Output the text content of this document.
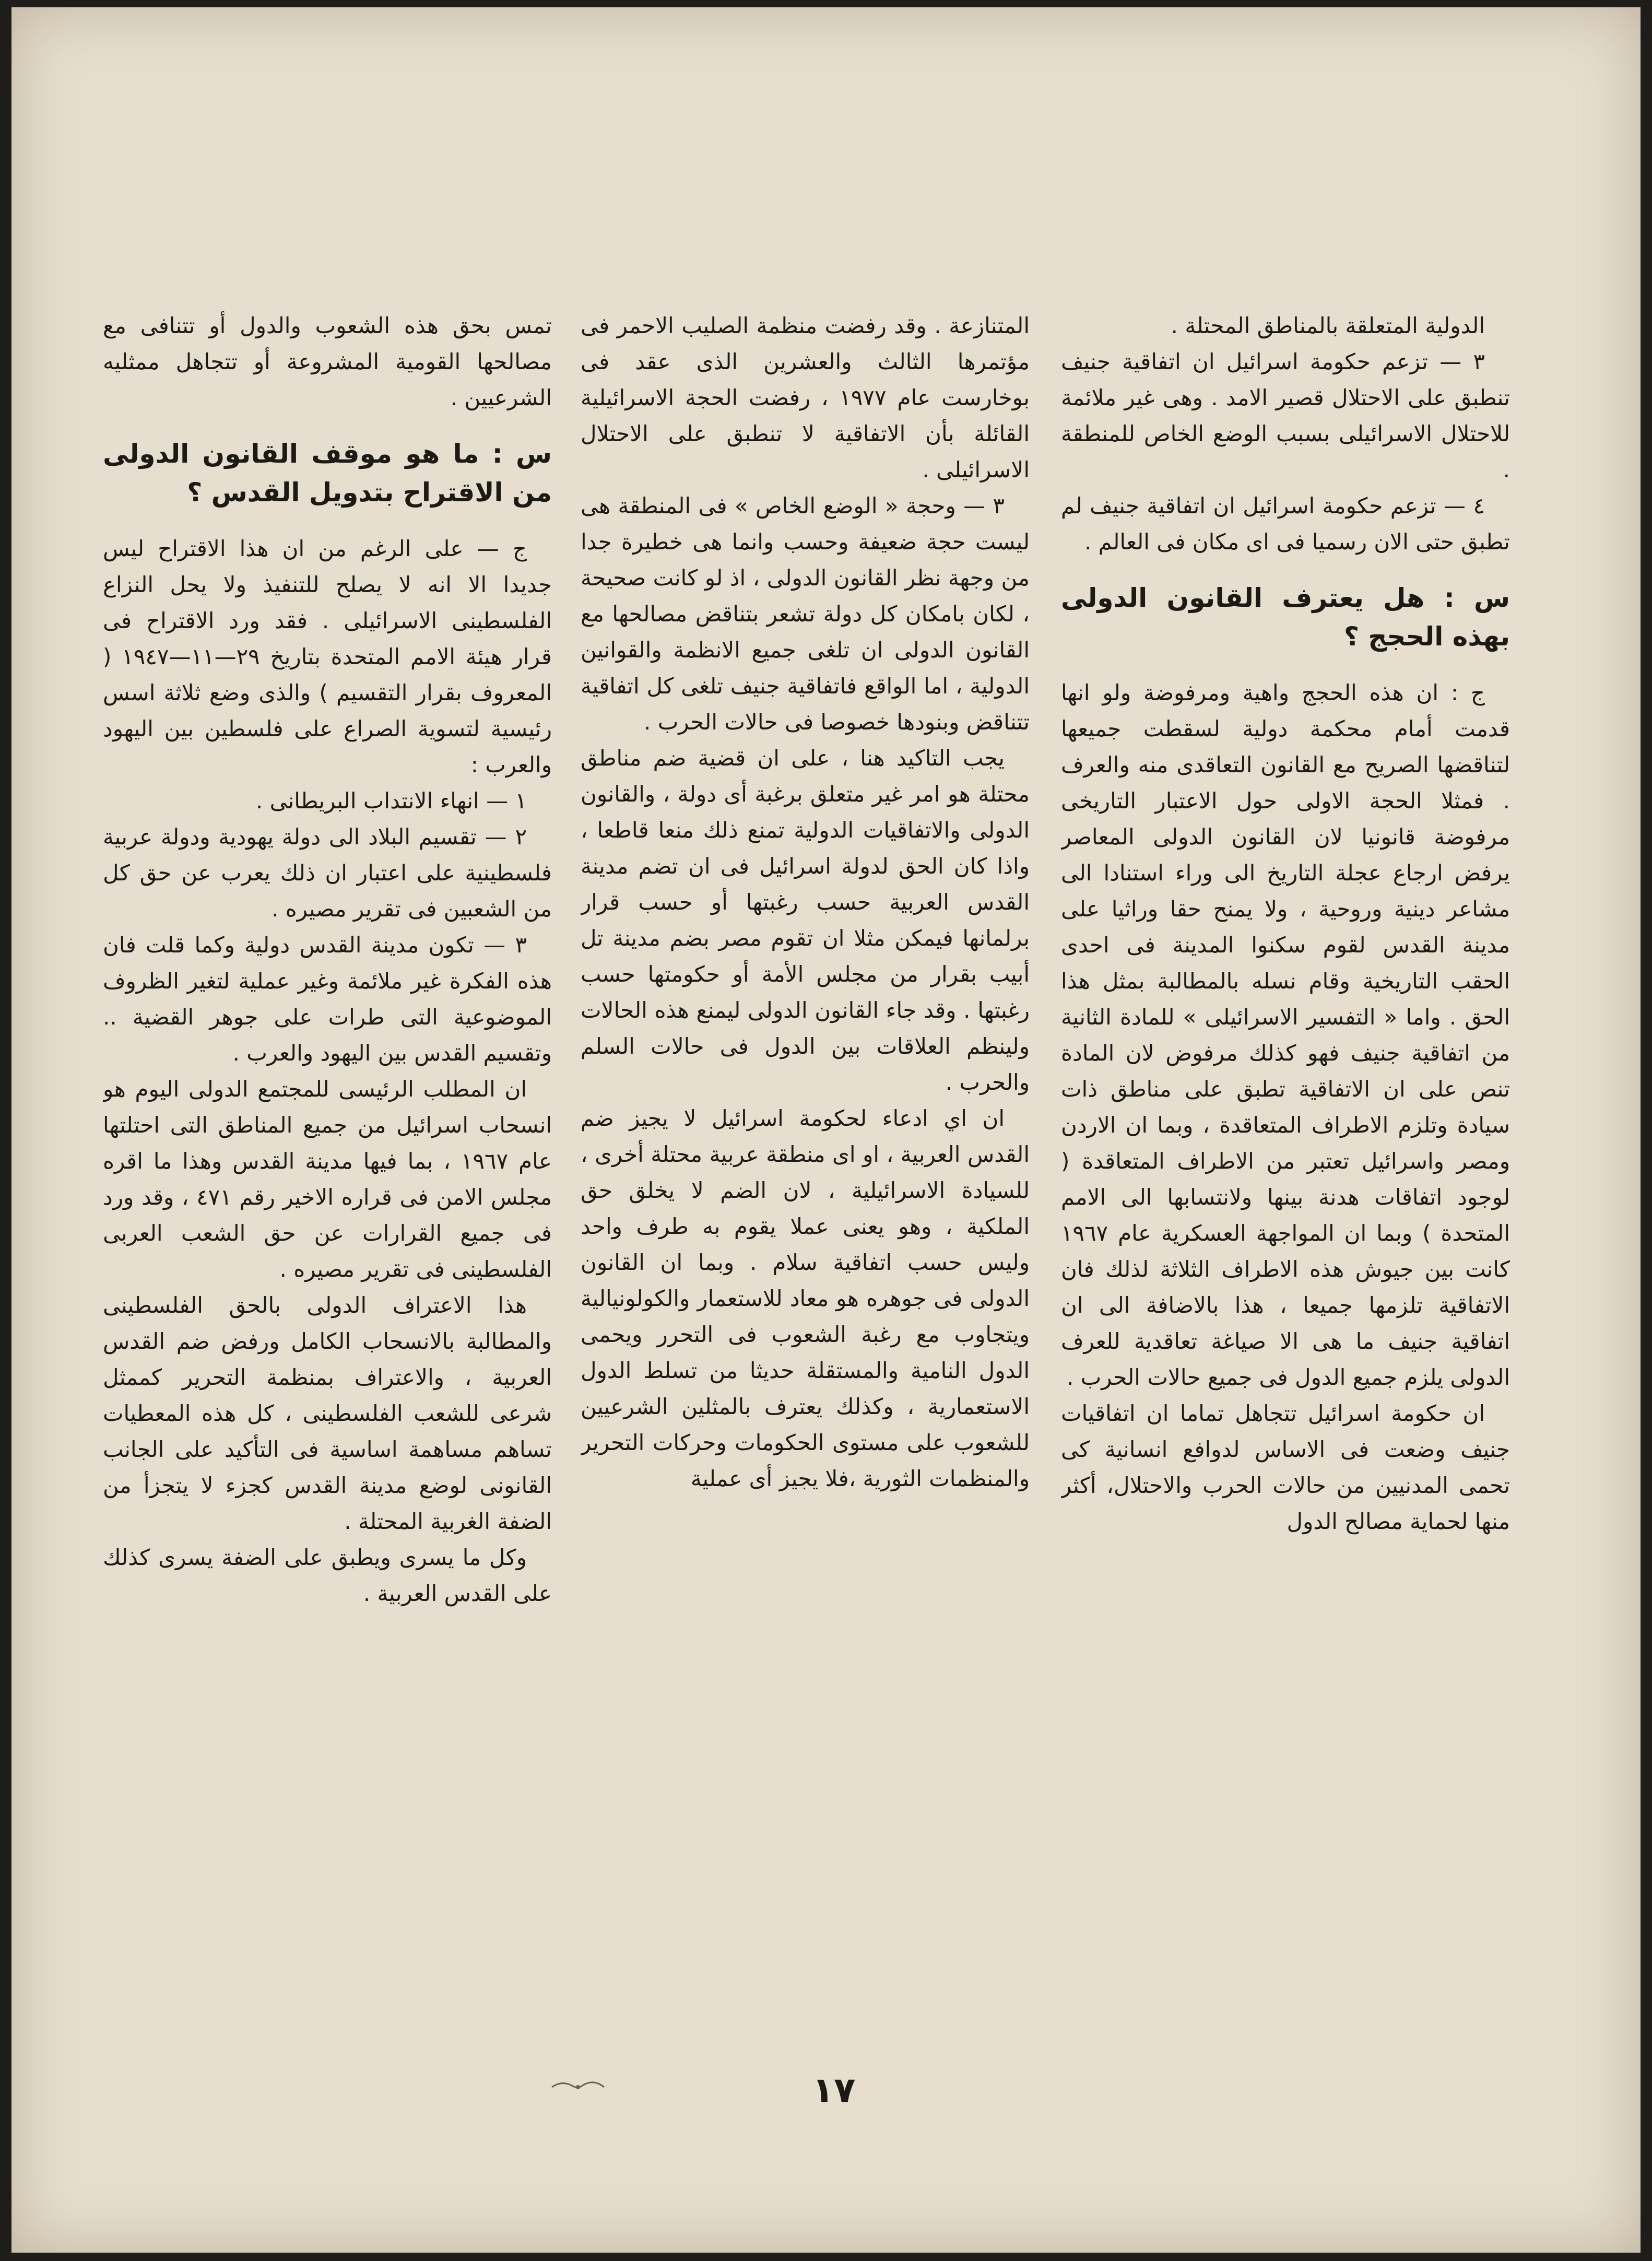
الدولية المتعلقة بالمناطق المحتلة .

٣ — تزعم حكومة اسرائيل ان اتفاقية جنيف تنطبق على الاحتلال قصير الامد . وهى غير ملائمة للاحتلال الاسرائيلى بسبب الوضع الخاص للمنطقة .

٤ — تزعم حكومة اسرائيل ان اتفاقية جنيف لم تطبق حتى الان رسميا فى اى مكان فى العالم .

س : هل يعترف القانون الدولى بهذه الحجج ؟

ج : ان هذه الحجج واهية ومرفوضة ولو انها قدمت أمام محكمة دولية لسقطت جميعها لتناقضها الصريح مع القانون التعاقدى منه والعرف . فمثلا الحجة الاولى حول الاعتبار التاريخى مرفوضة قانونيا لان القانون الدولى المعاصر يرفض ارجاع عجلة التاريخ الى وراء استنادا الى مشاعر دينية وروحية ، ولا يمنح حقا وراثيا على مدينة القدس لقوم سكنوا المدينة فى احدى الحقب التاريخية وقام نسله بالمطالبة بمثل هذا الحق . واما « التفسير الاسرائيلى » للمادة الثانية من اتفاقية جنيف فهو كذلك مرفوض لان المادة تنص على ان الاتفاقية تطبق على مناطق ذات سيادة وتلزم الاطراف المتعاقدة ، وبما ان الاردن ومصر واسرائيل تعتبر من الاطراف المتعاقدة ( لوجود اتفاقات هدنة بينها ولانتسابها الى الامم المتحدة ) وبما ان المواجهة العسكرية عام ١٩٦٧ كانت بين جيوش هذه الاطراف الثلاثة لذلك فان الاتفاقية تلزمها جميعا ، هذا بالاضافة الى ان اتفاقية جنيف ما هى الا صياغة تعاقدية للعرف الدولى يلزم جميع الدول فى جميع حالات الحرب .

ان حكومة اسرائيل تتجاهل تماما ان اتفاقيات جنيف وضعت فى الاساس لدوافع انسانية كى تحمى المدنيين من حالات الحرب والاحتلال، أكثر منها لحماية مصالح الدول

المتنازعة . وقد رفضت منظمة الصليب الاحمر فى مؤتمرها الثالث والعشرين الذى عقد فى بوخارست عام ١٩٧٧ ، رفضت الحجة الاسرائيلية القائلة بأن الاتفاقية لا تنطبق على الاحتلال الاسرائيلى .

٣ — وحجة « الوضع الخاص » فى المنطقة هى ليست حجة ضعيفة وحسب وانما هى خطيرة جدا من وجهة نظر القانون الدولى ، اذ لو كانت صحيحة ، لكان بامكان كل دولة تشعر بتناقض مصالحها مع القانون الدولى ان تلغى جميع الانظمة والقوانين الدولية ، اما الواقع فاتفاقية جنيف تلغى كل اتفاقية تتناقض وبنودها خصوصا فى حالات الحرب .

يجب التاكيد هنا ، على ان قضية ضم مناطق محتلة هو امر غير متعلق برغبة أى دولة ، والقانون الدولى والاتفاقيات الدولية تمنع ذلك منعا قاطعا ، واذا كان الحق لدولة اسرائيل فى ان تضم مدينة القدس العربية حسب رغبتها أو حسب قرار برلمانها فيمكن مثلا ان تقوم مصر بضم مدينة تل أبيب بقرار من مجلس الأمة أو حكومتها حسب رغبتها . وقد جاء القانون الدولى ليمنع هذه الحالات ولينظم العلاقات بين الدول فى حالات السلم والحرب .

ان اي ادعاء لحكومة اسرائيل لا يجيز ضم القدس العربية ، او اى منطقة عربية محتلة أخرى ، للسيادة الاسرائيلية ، لان الضم لا يخلق حق الملكية ، وهو يعنى عملا يقوم به طرف واحد وليس حسب اتفاقية سلام . وبما ان القانون الدولى فى جوهره هو معاد للاستعمار والكولونيالية ويتجاوب مع رغبة الشعوب فى التحرر ويحمى الدول النامية والمستقلة حديثا من تسلط الدول الاستعمارية ، وكذلك يعترف بالمثلين الشرعيين للشعوب على مستوى الحكومات وحركات التحرير والمنظمات الثورية ،فلا يجيز أى عملية

تمس بحق هذه الشعوب والدول أو تتنافى مع مصالحها القومية المشروعة أو تتجاهل ممثليه الشرعيين .

س : ما هو موقف القانون الدولى من الاقتراح بتدويل القدس ؟

ج — على الرغم من ان هذا الاقتراح ليس جديدا الا انه لا يصلح للتنفيذ ولا يحل النزاع الفلسطينى الاسرائيلى . فقد ورد الاقتراح فى قرار هيئة الامم المتحدة بتاريخ ٢٩—١١—١٩٤٧ ( المعروف بقرار التقسيم ) والذى وضع ثلاثة اسس رئيسية لتسوية الصراع على فلسطين بين اليهود والعرب :

١ — انهاء الانتداب البريطانى .

٢ — تقسيم البلاد الى دولة يهودية ودولة عربية فلسطينية على اعتبار ان ذلك يعرب عن حق كل من الشعبين فى تقرير مصيره .

٣ — تكون مدينة القدس دولية وكما قلت فان هذه الفكرة غير ملائمة وغير عملية لتغير الظروف الموضوعية التى طرات على جوهر القضية .. وتقسيم القدس بين اليهود والعرب .

ان المطلب الرئيسى للمجتمع الدولى اليوم هو انسحاب اسرائيل من جميع المناطق التى احتلتها عام ١٩٦٧ ، بما فيها مدينة القدس وهذا ما اقره مجلس الامن فى قراره الاخير رقم ٤٧١ ، وقد ورد فى جميع القرارات عن حق الشعب العربى الفلسطينى فى تقرير مصيره .

هذا الاعتراف الدولى بالحق الفلسطينى والمطالبة بالانسحاب الكامل ورفض ضم القدس العربية ، والاعتراف بمنظمة التحرير كممثل شرعى للشعب الفلسطينى ، كل هذه المعطيات تساهم مساهمة اساسية فى التأكيد على الجانب القانونى لوضع مدينة القدس كجزء لا يتجزأ من الضفة الغربية المحتلة .

وكل ما يسرى ويطبق على الضفة يسرى كذلك على القدس العربية .

١٧
